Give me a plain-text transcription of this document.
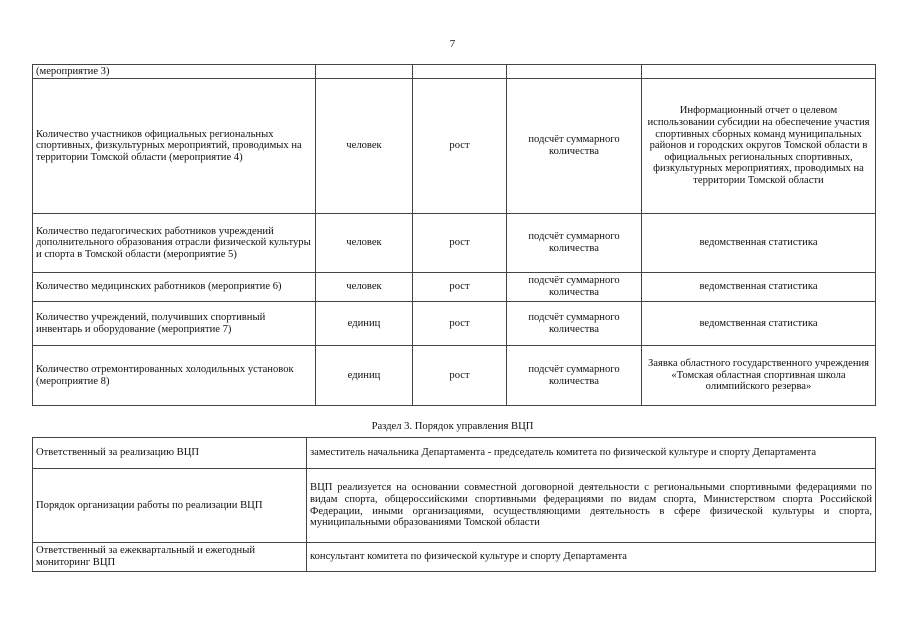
7
(мероприятие 3)				
Количество участников официальных региональных спортивных, физкультурных мероприятий, проводимых на территории Томской области (мероприятие 4)	человек	рост	подсчёт суммарного количества	Информационный отчет о целевом использовании субсидии на обеспечение участия спортивных сборных команд муниципальных районов и городских округов Томской области в официальных региональных спортивных, физкультурных мероприятиях, проводимых на территории Томской области
Количество педагогических работников учреждений дополнительного образования отрасли физической культуры и спорта в Томской области (мероприятие 5)	человек	рост	подсчёт суммарного количества	ведомственная статистика
Количество медицинских работников (мероприятие 6)	человек	рост	подсчёт суммарного количества	ведомственная статистика
Количество учреждений, получивших спортивный инвентарь и оборудование (мероприятие 7)	единиц	рост	подсчёт суммарного количества	ведомственная статистика
Количество отремонтированных холодильных установок (мероприятие 8)	единиц	рост	подсчёт суммарного количества	Заявка областного государственного учреждения «Томская областная спортивная школа олимпийского резерва»
Раздел 3. Порядок управления ВЦП
Ответственный за реализацию ВЦП	заместитель начальника Департамента - председатель комитета по физической культуре и спорту Департамента
Порядок организации работы по реализации ВЦП	ВЦП реализуется на основании совместной договорной деятельности с региональными спортивными федерациями по видам спорта, общероссийскими спортивными федерациями по видам спорта, Министерством спорта Российской Федерации, иными организациями, осуществляющими деятельность в сфере физической культуры и спорта, муниципальными образованиями Томской области
Ответственный за ежеквартальный и ежегодный мониторинг ВЦП	консультант комитета по физической культуре и спорту Департамента
